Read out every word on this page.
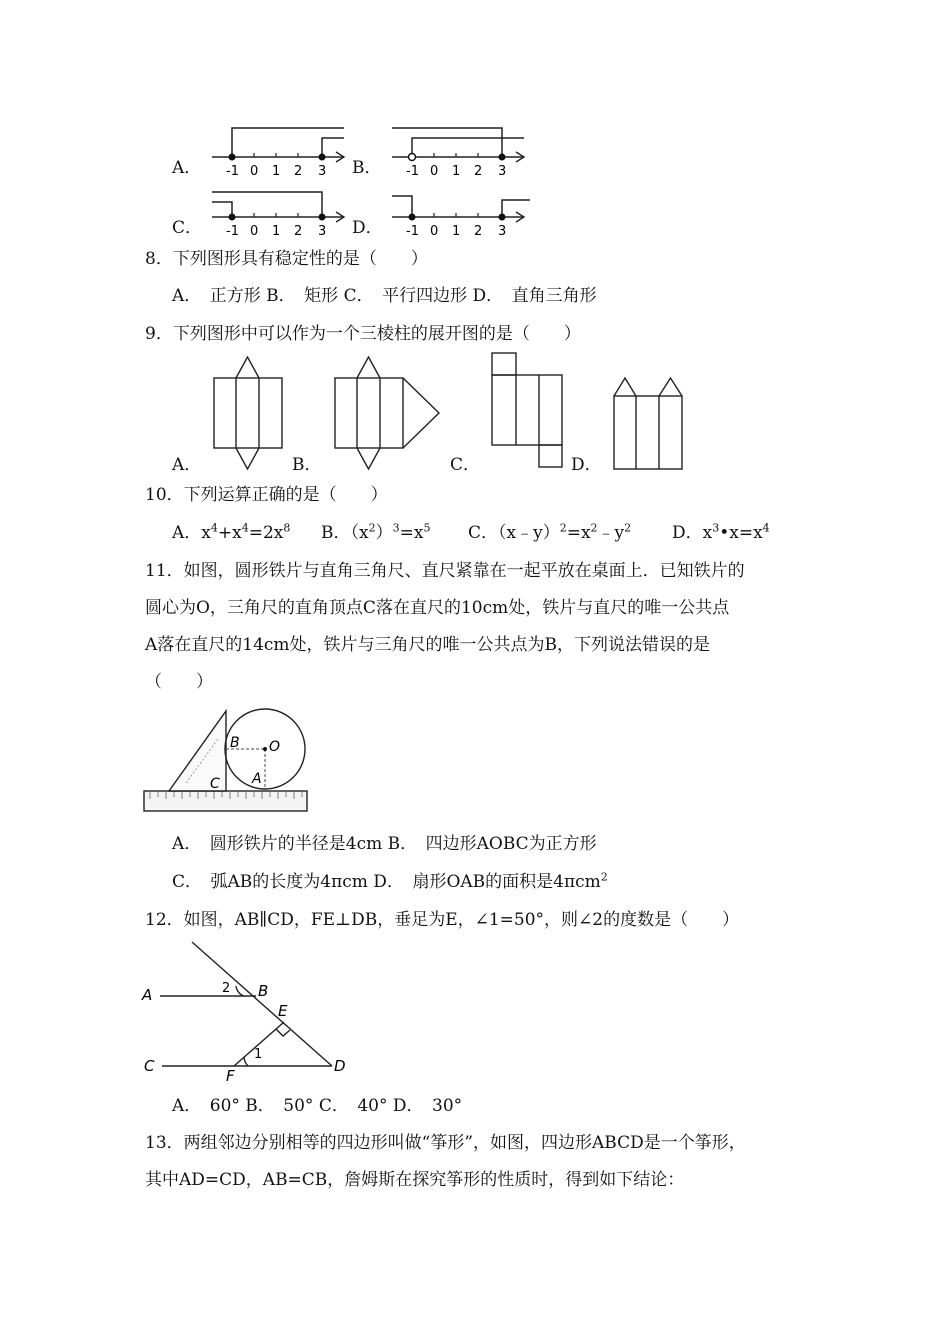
A．	B．
C．	D．
-1 0 1 2 3	-1 0 1 2 3
-1 0 1 2 3	-1 0 1 2 3
8．下列图形具有稳定性的是（　　）
A．　正方形 B．　矩形 C．　平行四边形 D．　直角三角形
9．下列图形中可以作为一个三棱柱的展开图的是（　　）
A．	B．	C．	D．
10．下列运算正确的是（　　）
A．$x^4+x^4=2x^8$ B．$(x^2)^3=x^5$ C．$(x﹣y)^2=x^2﹣y^2$ D．$x^3•x=x^4$
11．如图，圆形铁片与直角三角尺、直尺紧靠在一起平放在桌面上．已知铁片的
圆心为O，三角尺的直角顶点C落在直尺的10cm处，铁片与直尺的唯一公共点
A落在直尺的14cm处，铁片与三角尺的唯一公共点为B，下列说法错误的是
（　　）
B O
C A
A．　圆形铁片的半径是4cm B．　四边形AOBC为正方形
C．　弧AB的长度为4πcm D．　扇形OAB的面积是4πcm$^2$
12．如图，AB∥CD，FE⊥DB，垂足为E，∠1=50°，则∠2的度数是（　　）
A	B
C	D
E
F
1
2
A．　60° B．　50° C．　40° D．　30°
13．两组邻边分别相等的四边形叫做“筝形”，如图，四边形ABCD是一个筝形，
其中AD=CD，AB=CB，詹姆斯在探究筝形的性质时，得到如下结论：
